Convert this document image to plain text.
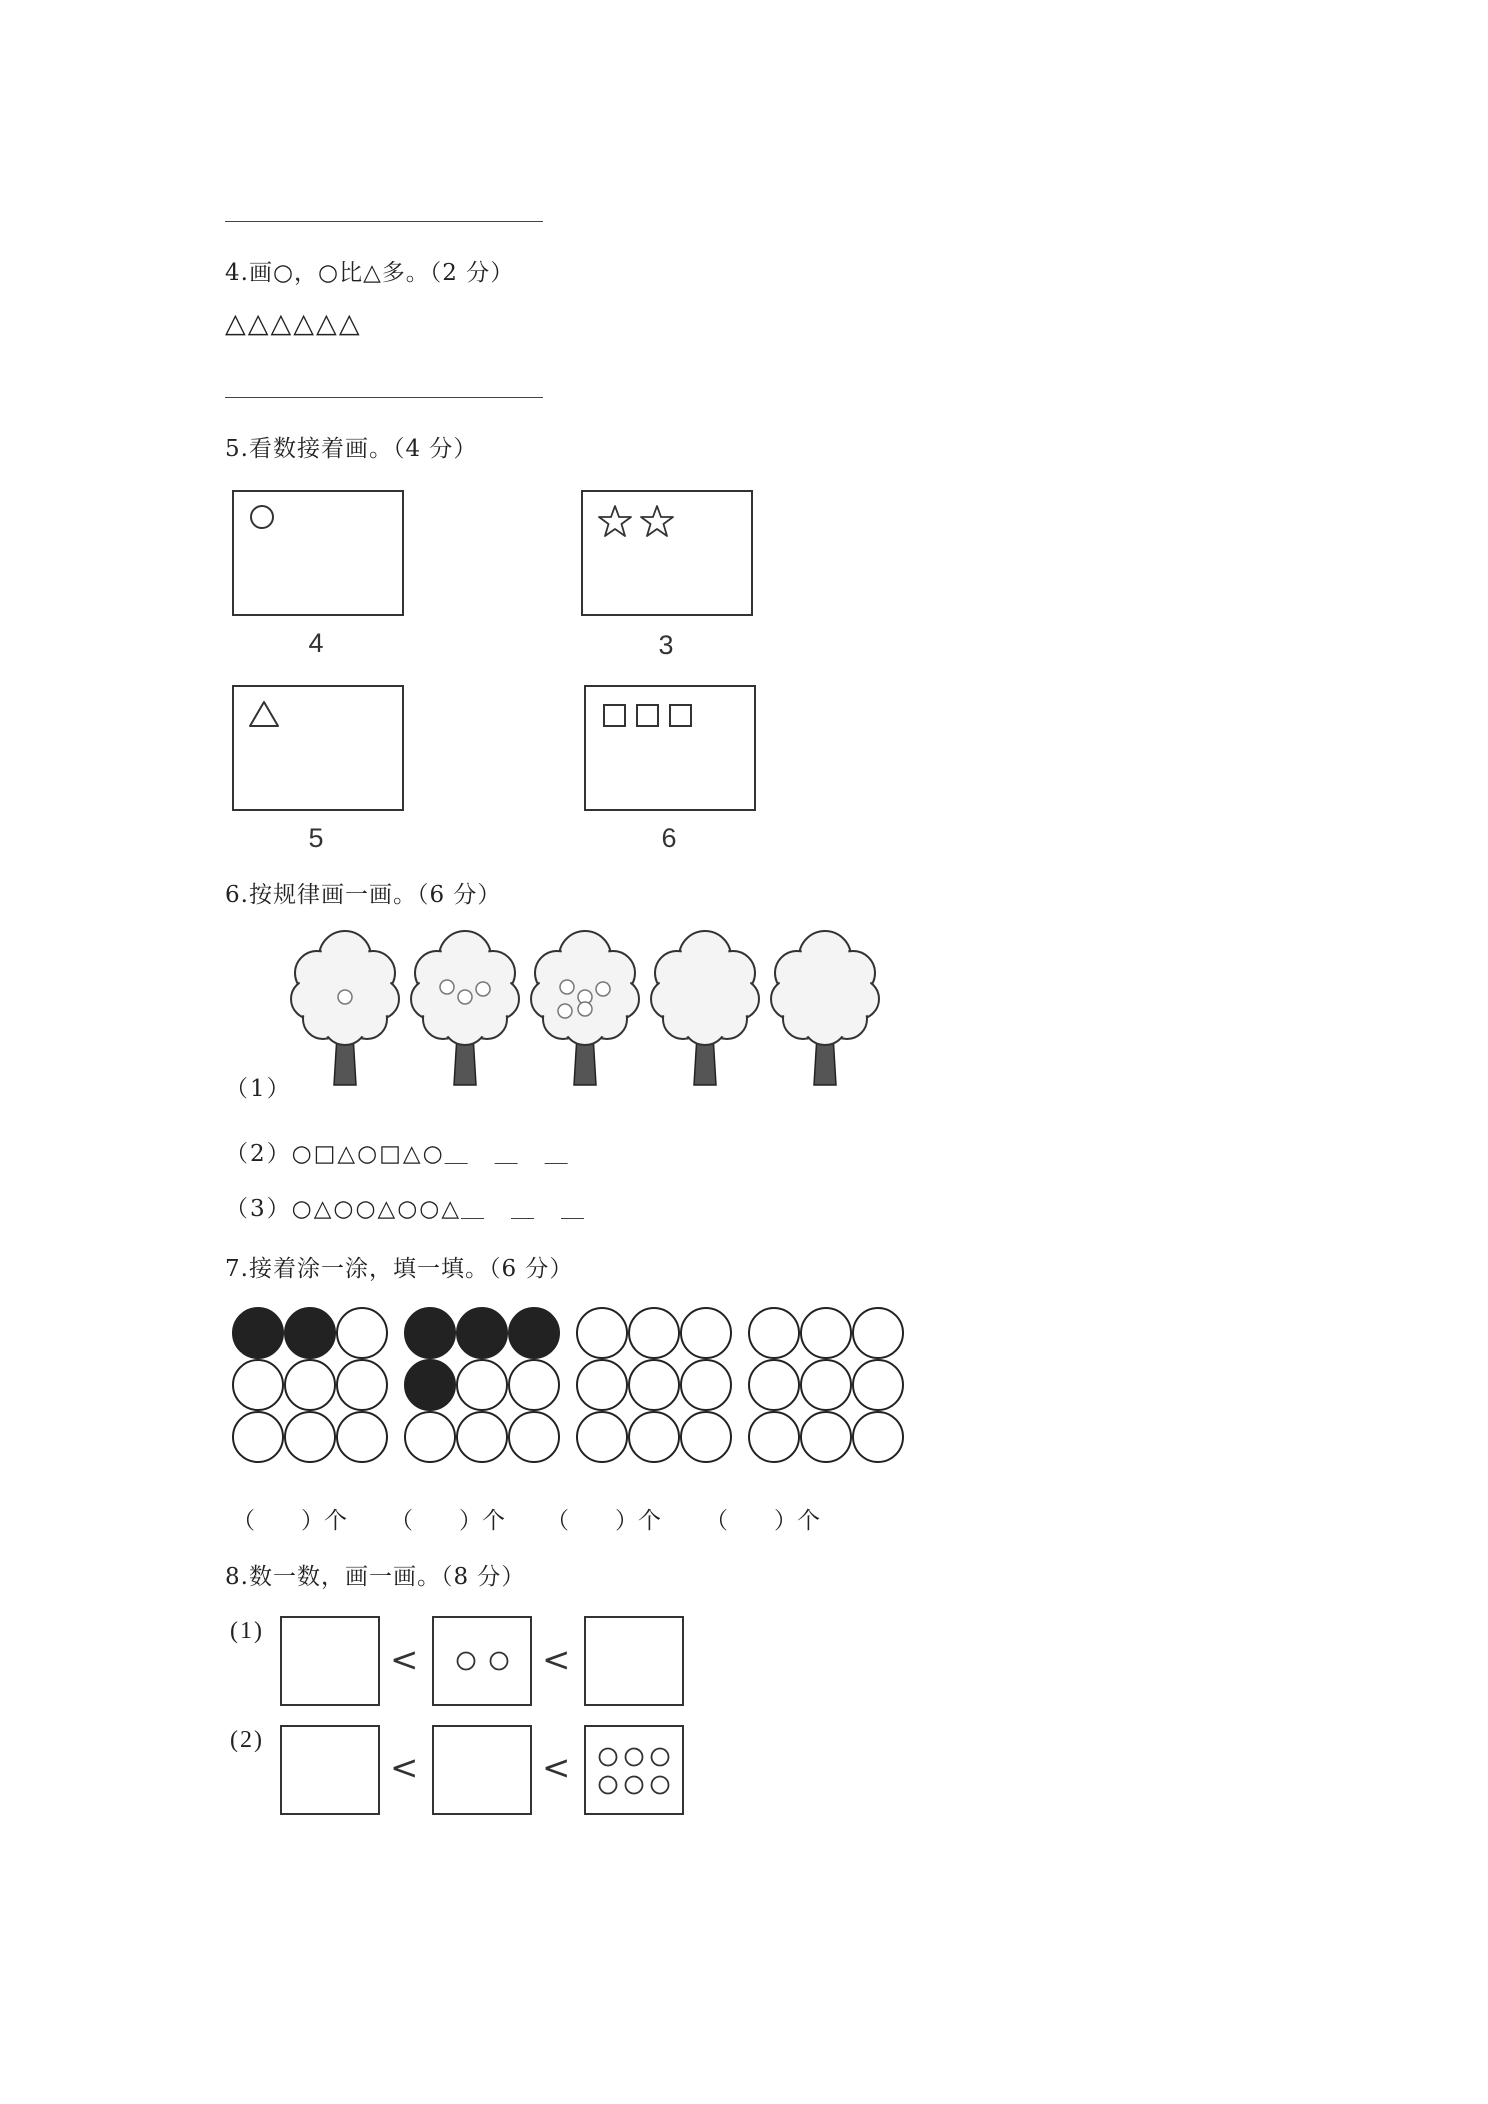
4.画○，○比△多。（2 分）
△△△△△△
5.看数接着画。（4 分）
4	3
5	6
6.按规律画一画。（6 分）
（1）
（2）○□△○□△○＿　＿　＿
（3）○△○○△○○△＿　＿　＿
7.接着涂一涂，填一填。（6 分）
（　　）个 （　　）个 （　　）个 （　　）个
8.数一数，画一画。（8 分）
(1)
<	<
(2)
<	<
